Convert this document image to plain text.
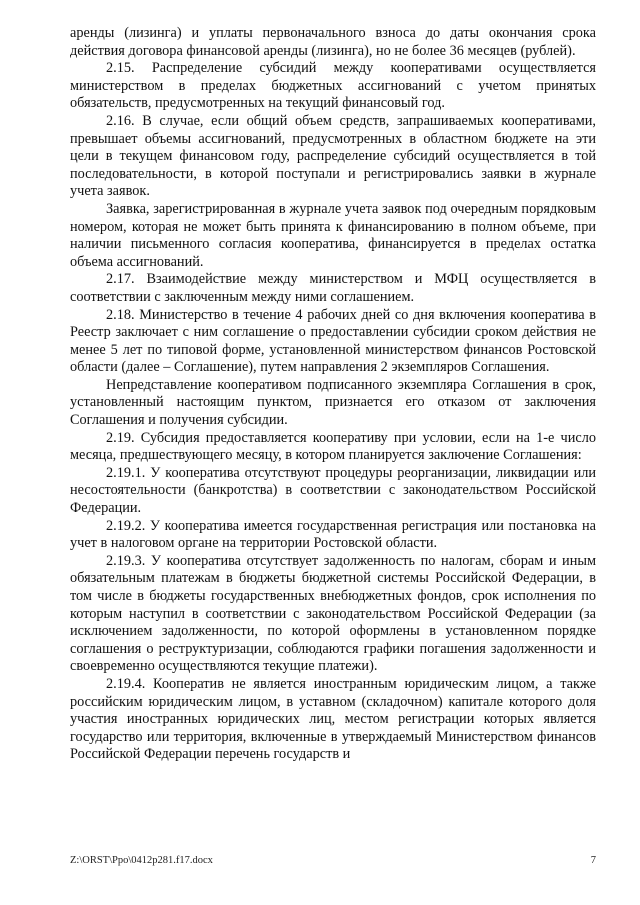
аренды (лизинга) и уплаты первоначального взноса до даты окончания срока действия договора финансовой аренды (лизинга), но не более 36 месяцев (рублей).

2.15. Распределение субсидий между кооперативами осуществляется министерством в пределах бюджетных ассигнований с учетом принятых обязательств, предусмотренных на текущий финансовый год.

2.16. В случае, если общий объем средств, запрашиваемых кооперативами, превышает объемы ассигнований, предусмотренных в областном бюджете на эти цели в текущем финансовом году, распределение субсидий осуществляется в той последовательности, в которой поступали и регистрировались заявки в журнале учета заявок.

Заявка, зарегистрированная в журнале учета заявок под очередным порядковым номером, которая не может быть принята к финансированию в полном объеме, при наличии письменного согласия кооператива, финансируется в пределах остатка объема ассигнований.

2.17. Взаимодействие между министерством и МФЦ осуществляется в соответствии с заключенным между ними соглашением.

2.18. Министерство в течение 4 рабочих дней со дня включения кооператива в Реестр заключает с ним соглашение о предоставлении субсидии сроком действия не менее 5 лет по типовой форме, установленной министерством финансов Ростовской области (далее – Соглашение), путем направления 2 экземпляров Соглашения.

Непредставление кооперативом подписанного экземпляра Соглашения в срок, установленный настоящим пунктом, признается его отказом от заключения Соглашения и получения субсидии.

2.19. Субсидия предоставляется кооперативу при условии, если на 1-е число месяца, предшествующего месяцу, в котором планируется заключение Соглашения:

2.19.1. У кооператива отсутствуют процедуры реорганизации, ликвидации или несостоятельности (банкротства) в соответствии с законодательством Российской Федерации.

2.19.2. У кооператива имеется государственная регистрация или постановка на учет в налоговом органе на территории Ростовской области.

2.19.3. У кооператива отсутствует задолженность по налогам, сборам и иным обязательным платежам в бюджеты бюджетной системы Российской Федерации, в том числе в бюджеты государственных внебюджетных фондов, срок исполнения по которым наступил в соответствии с законодательством Российской Федерации (за исключением задолженности, по которой оформлены в установленном порядке соглашения о реструктуризации, соблюдаются графики погашения задолженности и своевременно осуществляются текущие платежи).

2.19.4. Кооператив не является иностранным юридическим лицом, а также российским юридическим лицом, в уставном (складочном) капитале которого доля участия иностранных юридических лиц, местом регистрации которых является государство или территория, включенные в утверждаемый Министерством финансов Российской Федерации перечень государств и

Z:\ORST\Ppo\0412p281.f17.docx	7
